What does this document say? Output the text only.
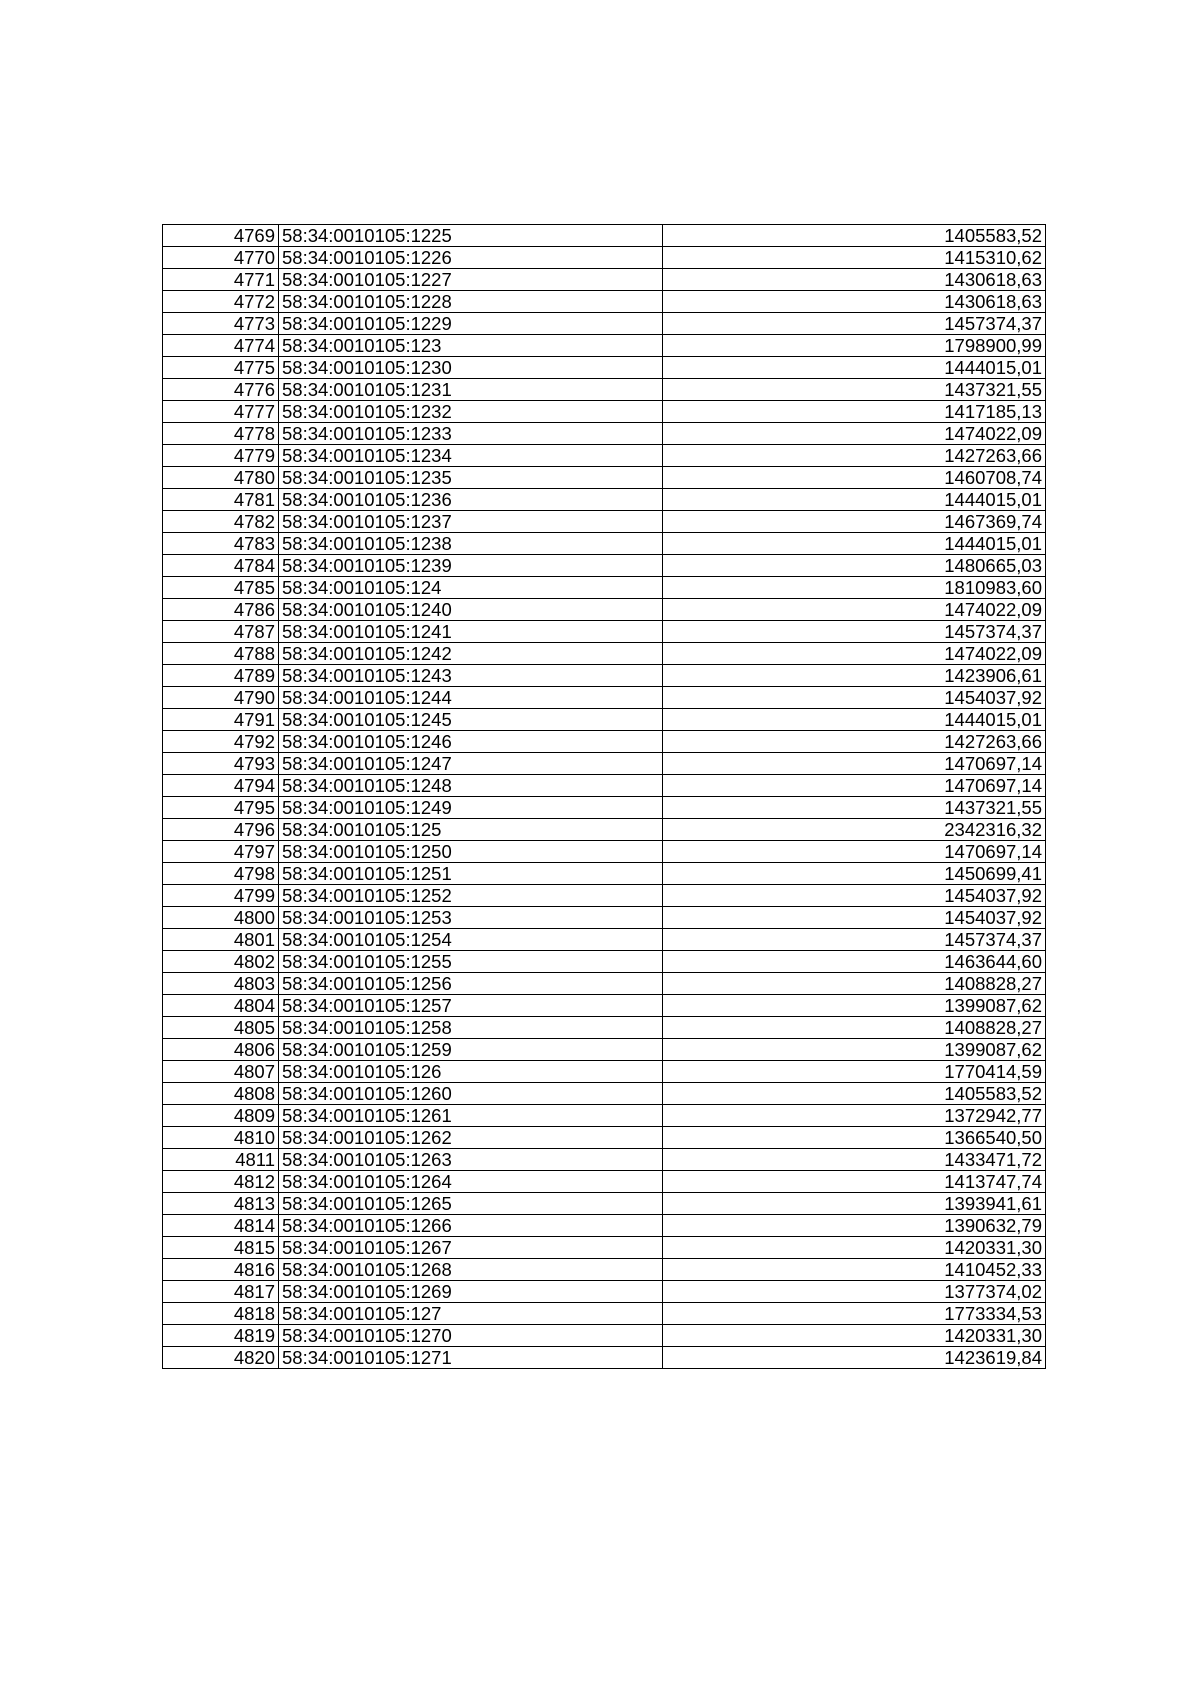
4769	58:34:0010105:1225	1405583,52
4770	58:34:0010105:1226	1415310,62
4771	58:34:0010105:1227	1430618,63
4772	58:34:0010105:1228	1430618,63
4773	58:34:0010105:1229	1457374,37
4774	58:34:0010105:123	1798900,99
4775	58:34:0010105:1230	1444015,01
4776	58:34:0010105:1231	1437321,55
4777	58:34:0010105:1232	1417185,13
4778	58:34:0010105:1233	1474022,09
4779	58:34:0010105:1234	1427263,66
4780	58:34:0010105:1235	1460708,74
4781	58:34:0010105:1236	1444015,01
4782	58:34:0010105:1237	1467369,74
4783	58:34:0010105:1238	1444015,01
4784	58:34:0010105:1239	1480665,03
4785	58:34:0010105:124	1810983,60
4786	58:34:0010105:1240	1474022,09
4787	58:34:0010105:1241	1457374,37
4788	58:34:0010105:1242	1474022,09
4789	58:34:0010105:1243	1423906,61
4790	58:34:0010105:1244	1454037,92
4791	58:34:0010105:1245	1444015,01
4792	58:34:0010105:1246	1427263,66
4793	58:34:0010105:1247	1470697,14
4794	58:34:0010105:1248	1470697,14
4795	58:34:0010105:1249	1437321,55
4796	58:34:0010105:125	2342316,32
4797	58:34:0010105:1250	1470697,14
4798	58:34:0010105:1251	1450699,41
4799	58:34:0010105:1252	1454037,92
4800	58:34:0010105:1253	1454037,92
4801	58:34:0010105:1254	1457374,37
4802	58:34:0010105:1255	1463644,60
4803	58:34:0010105:1256	1408828,27
4804	58:34:0010105:1257	1399087,62
4805	58:34:0010105:1258	1408828,27
4806	58:34:0010105:1259	1399087,62
4807	58:34:0010105:126	1770414,59
4808	58:34:0010105:1260	1405583,52
4809	58:34:0010105:1261	1372942,77
4810	58:34:0010105:1262	1366540,50
4811	58:34:0010105:1263	1433471,72
4812	58:34:0010105:1264	1413747,74
4813	58:34:0010105:1265	1393941,61
4814	58:34:0010105:1266	1390632,79
4815	58:34:0010105:1267	1420331,30
4816	58:34:0010105:1268	1410452,33
4817	58:34:0010105:1269	1377374,02
4818	58:34:0010105:127	1773334,53
4819	58:34:0010105:1270	1420331,30
4820	58:34:0010105:1271	1423619,84
